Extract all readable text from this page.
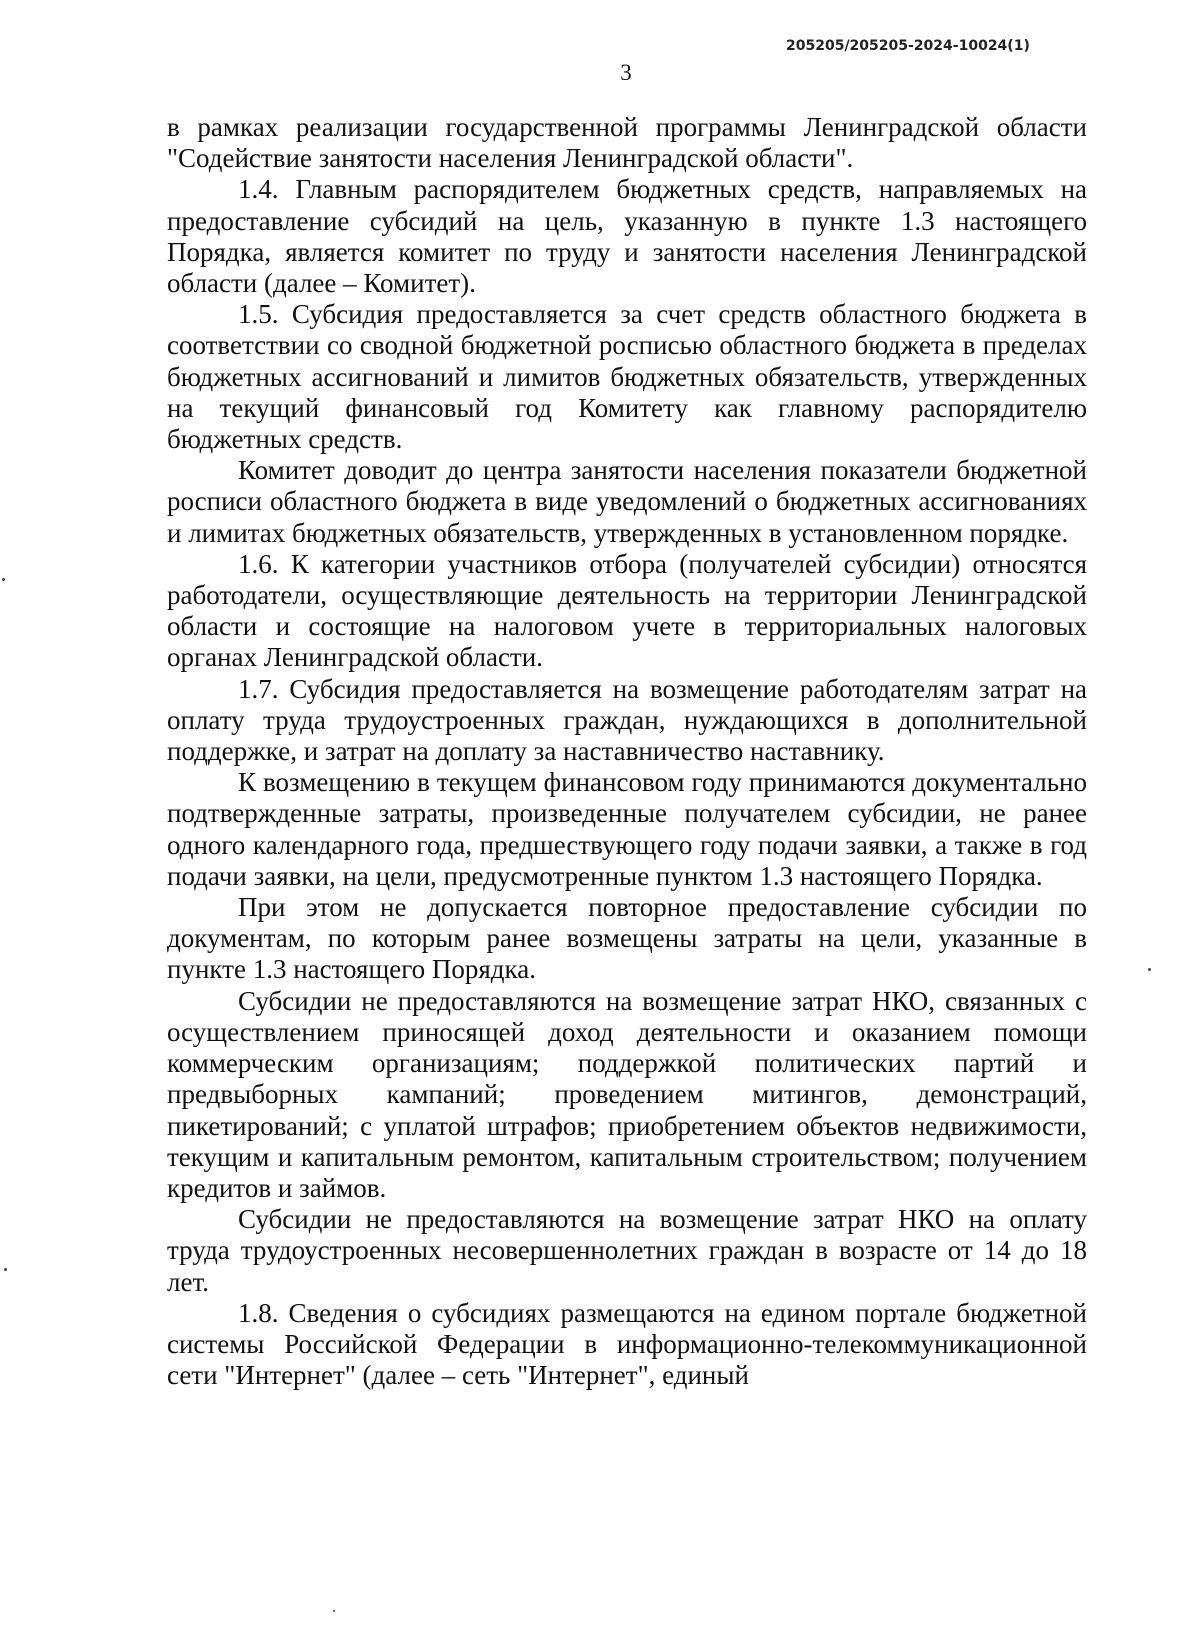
205205/205205-2024-10024(1)
3

в рамках реализации государственной программы Ленинградской области "Содействие занятости населения Ленинградской области".

1.4. Главным распорядителем бюджетных средств, направляемых на предоставление субсидий на цель, указанную в пункте 1.3 настоящего Порядка, является комитет по труду и занятости населения Ленинградской области (далее – Комитет).

1.5. Субсидия предоставляется за счет средств областного бюджета в соответствии со сводной бюджетной росписью областного бюджета в пределах бюджетных ассигнований и лимитов бюджетных обязательств, утвержденных на текущий финансовый год Комитету как главному распорядителю бюджетных средств.

Комитет доводит до центра занятости населения показатели бюджетной росписи областного бюджета в виде уведомлений о бюджетных ассигнованиях и лимитах бюджетных обязательств, утвержденных в установленном порядке.

1.6. К категории участников отбора (получателей субсидии) относятся работодатели, осуществляющие деятельность на территории Ленинградской области и состоящие на налоговом учете в территориальных налоговых органах Ленинградской области.

1.7. Субсидия предоставляется на возмещение работодателям затрат на оплату труда трудоустроенных граждан, нуждающихся в дополнительной поддержке, и затрат на доплату за наставничество наставнику.

К возмещению в текущем финансовом году принимаются документально подтвержденные затраты, произведенные получателем субсидии, не ранее одного календарного года, предшествующего году подачи заявки, а также в год подачи заявки, на цели, предусмотренные пунктом 1.3 настоящего Порядка.

При этом не допускается повторное предоставление субсидии по документам, по которым ранее возмещены затраты на цели, указанные в пункте 1.3 настоящего Порядка.

Субсидии не предоставляются на возмещение затрат НКО, связанных с осуществлением приносящей доход деятельности и оказанием помощи коммерческим организациям; поддержкой политических партий и предвыборных кампаний; проведением митингов, демонстраций, пикетирований; с уплатой штрафов; приобретением объектов недвижимости, текущим и капитальным ремонтом, капитальным строительством; получением кредитов и займов.

Субсидии не предоставляются на возмещение затрат НКО на оплату труда трудоустроенных несовершеннолетних граждан в возрасте от 14 до 18 лет.

1.8. Сведения о субсидиях размещаются на едином портале бюджетной системы Российской Федерации в информационно-телекоммуникационной сети "Интернет" (далее – сеть "Интернет", единый
